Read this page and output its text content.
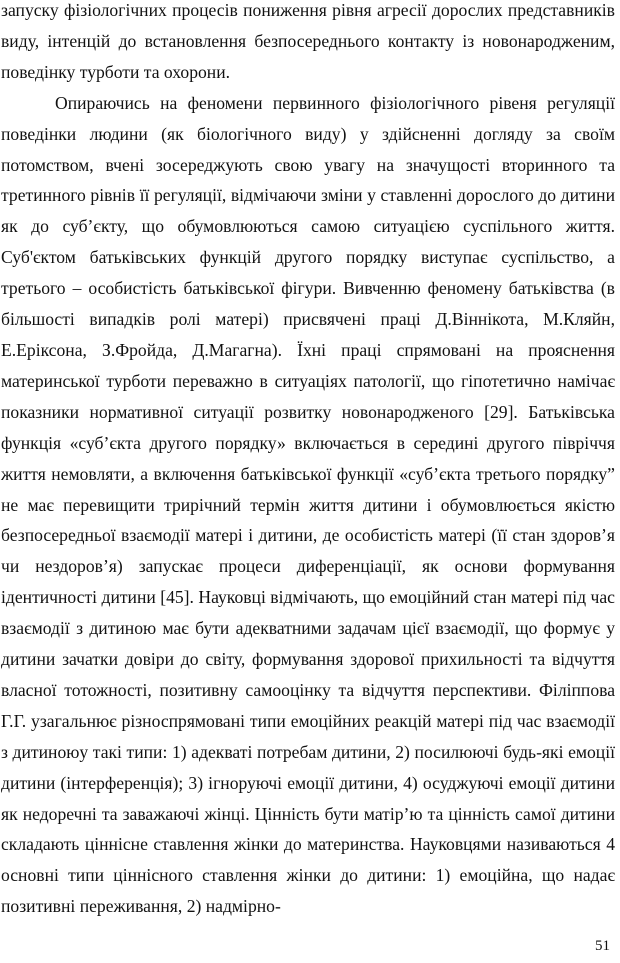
запуску фізіологічних процесів пониження рівня агресії дорослих представників виду, інтенцій до встановлення безпосереднього контакту із новонародженим, поведінку турботи та охорони.

Опираючись на феномени первинного фізіологічного рівеня регуляції поведінки людини (як біологічного виду) у здійсненні догляду за своїм потомством, вчені зосереджують свою увагу на значущості вторинного та третинного рівнів її регуляції, відмічаючи зміни у ставленні дорослого до дитини як до суб’єкту, що обумовлюються самою ситуацією суспільного життя. Суб'єктом батьківських функцій другого порядку виступає суспільство, а третього – особистість батьківської фігури. Вивченню феномену батьківства (в більшості випадків ролі матері) присвячені праці Д.Віннікота, М.Кляйн, Е.Еріксона, З.Фройда, Д.Магагна). Їхні праці спрямовані на прояснення материнської турботи переважно в ситуаціях патології, що гіпотетично намічає показники нормативної ситуації розвитку новонародженого [29]. Батьківська функція «суб’єкта другого порядку» включається в середині другого півріччя життя немовляти, а включення батьківської функції «суб’єкта третього порядку” не має перевищити трирічний термін життя дитини і обумовлюється якістю безпосередньої взаємодії матері і дитини, де особистість матері (її стан здоров’я чи нездоров’я) запускає процеси диференціації, як основи формування ідентичності дитини [45]. Науковці відмічають, що емоційний стан матері під час взаємодії з дитиною має бути адекватними задачам цієї взаємодії, що формує у дитини зачатки довіри до світу, формування здорової прихильності та відчуття власної тотожності, позитивну самооцінку та відчуття перспективи. Філіппова Г.Г. узагальнює різноспрямовані типи емоційних реакцій матері під час взаємодії з дитиноюу такі типи: 1) адекваті потребам дитини, 2) посилюючі будь-які емоції дитини (інтерференція); 3) ігноруючі емоції дитини, 4) осуджуючі емоції дитини як недоречні та заважаючі жінці. Цінність бути матір’ю та цінність самої дитини складають ціннісне ставлення жінки до материнства. Науковцями називаються 4 основні типи ціннісного ставлення жінки до дитини: 1) емоційна, що надає позитивні переживання, 2) надмірно-

51
